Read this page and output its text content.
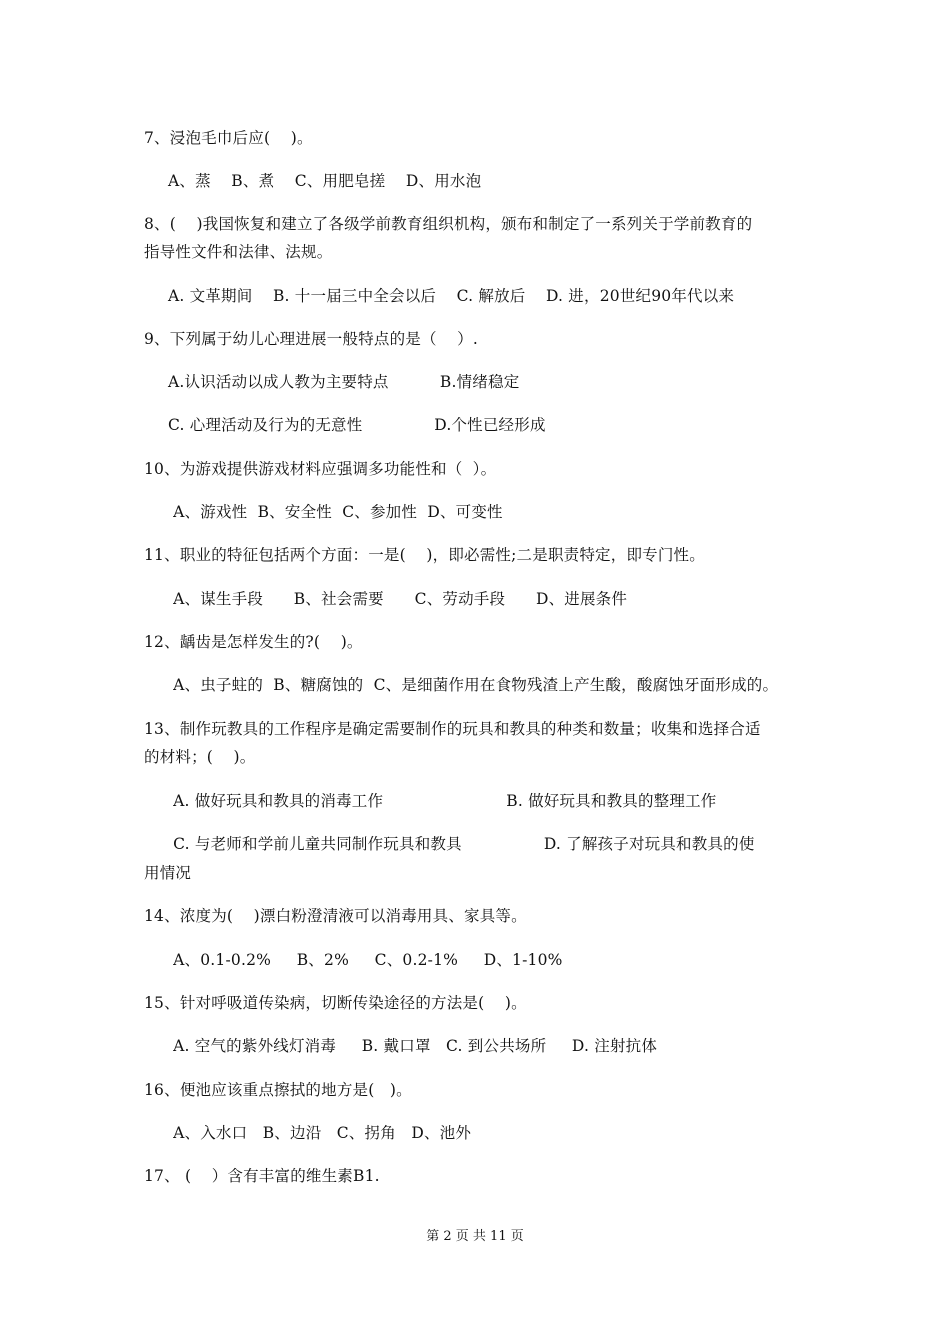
7、浸泡毛巾后应(    )。
A、蒸    B、煮    C、用肥皂搓    D、用水泡
8、(    )我国恢复和建立了各级学前教育组织机构，颁布和制定了一系列关于学前教育的
指导性文件和法律、法规。
A. 文革期间    B. 十一届三中全会以后    C. 解放后    D. 进，20世纪90年代以来
9、下列属于幼儿心理进展一般特点的是（    ）.
A.认识活动以成人教为主要特点          B.情绪稳定
C. 心理活动及行为的无意性              D.个性已经形成
10、为游戏提供游戏材料应强调多功能性和（  ）。
A、游戏性  B、安全性  C、参加性  D、可变性
11、职业的特征包括两个方面：一是(    )，即必需性;二是职责特定，即专门性。
A、谋生手段      B、社会需要      C、劳动手段      D、进展条件
12、龋齿是怎样发生的?(    )。
A、虫子蛀的  B、糖腐蚀的  C、是细菌作用在食物残渣上产生酸，酸腐蚀牙面形成的。
13、制作玩教具的工作程序是确定需要制作的玩具和教具的种类和数量；收集和选择合适
的材料；(    )。
A. 做好玩具和教具的消毒工作                        B. 做好玩具和教具的整理工作
C. 与老师和学前儿童共同制作玩具和教具                D. 了解孩子对玩具和教具的使
用情况
14、浓度为(    )漂白粉澄清液可以消毒用具、家具等。
A、0.1-0.2%     B、2%     C、0.2-1%     D、1-10%
15、针对呼吸道传染病，切断传染途径的方法是(    )。
A. 空气的紫外线灯消毒     B. 戴口罩   C. 到公共场所     D. 注射抗体
16、便池应该重点擦拭的地方是(   )。
A、入水口   B、边沿   C、拐角   D、池外
17、 (    ）含有丰富的维生素B1.
第 2 页 共 11 页
